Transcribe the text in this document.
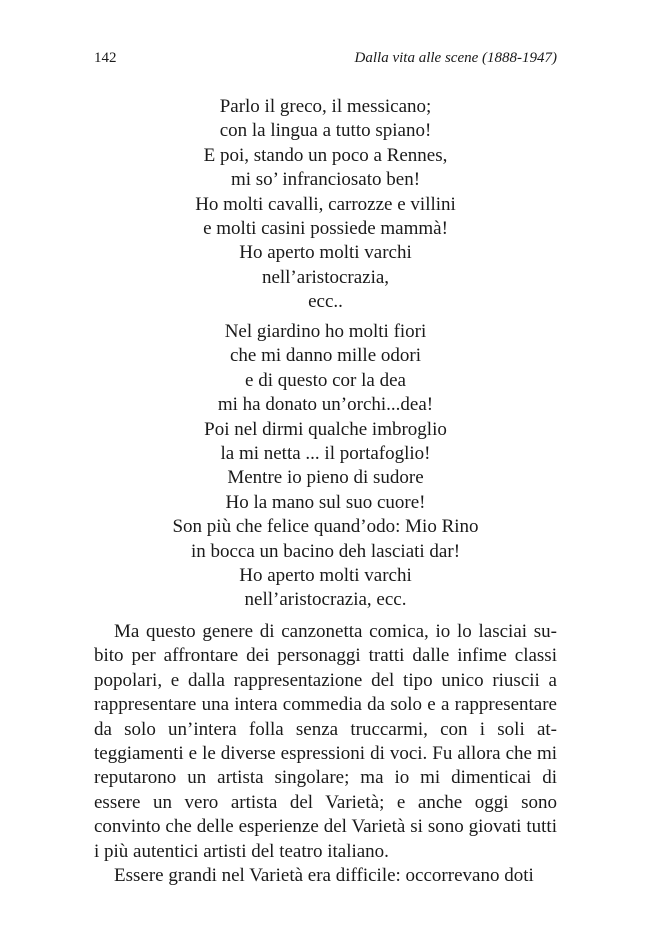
142	Dalla vita alle scene (1888-1947)
Parlo il greco, il messicano;
con la lingua a tutto spiano!
E poi, stando un poco a Rennes,
mi so’ infranciosato ben!
Ho molti cavalli, carrozze e villini
e molti casini possiede mammà!
Ho aperto molti varchi
nell’aristocrazia,
ecc..
Nel giardino ho molti fiori
che mi danno mille odori
e di questo cor la dea
mi ha donato un’orchi...dea!
Poi nel dirmi qualche imbroglio
la mi netta ... il portafoglio!
Mentre io pieno di sudore
Ho la mano sul suo cuore!
Son più che felice quand’odo: Mio Rino
in bocca un bacino deh lasciati dar!
Ho aperto molti varchi
nell’aristocrazia, ecc.

Ma questo genere di canzonetta comica, io lo lasciai subito per affrontare dei personaggi tratti dalle infime classi popolari, e dalla rappresentazione del tipo unico riuscii a rappresentare una intera commedia da solo e a rappresentare da solo un’intera folla senza truccarmi, con i soli atteggiamenti e le diverse espressioni di voci. Fu allora che mi reputarono un artista singolare; ma io mi dimenticai di essere un vero artista del Varietà; e anche oggi sono convinto che delle esperienze del Varietà si sono giovati tutti i più autentici artisti del teatro italiano.

Essere grandi nel Varietà era difficile: occorrevano doti
